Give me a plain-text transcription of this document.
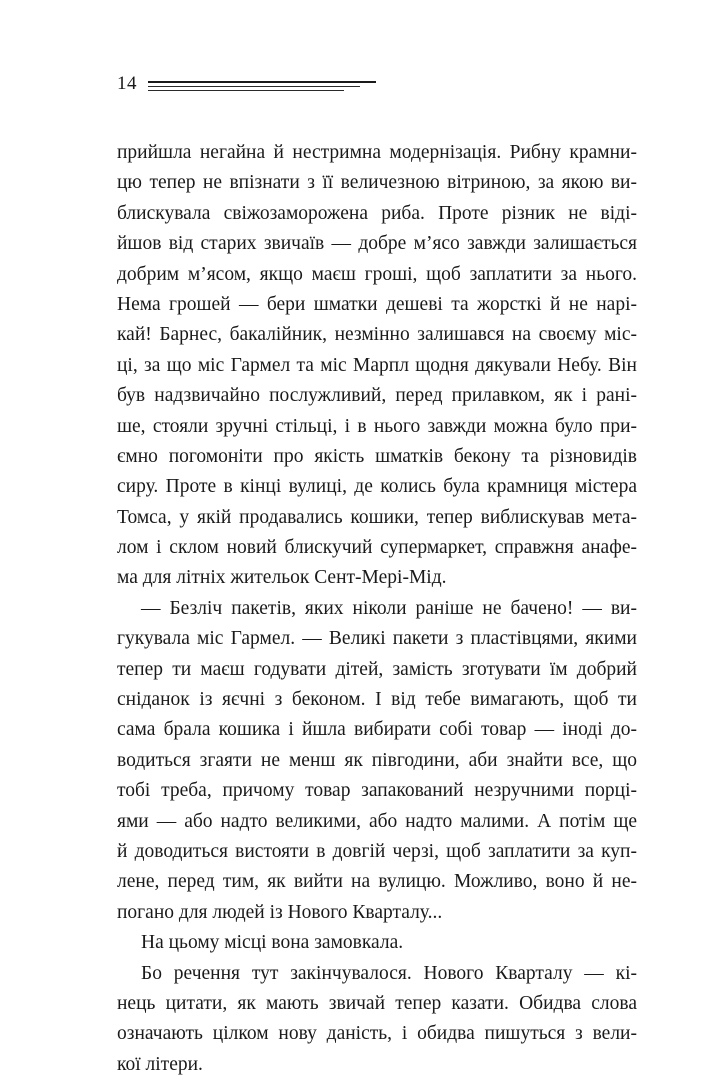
14
прийшла негайна й нестримна модернізація. Рибну крамни-
цю тепер не впізнати з її величезною вітриною, за якою ви-
блискувала свіжозаморожена риба. Проте різник не віді-
йшов від старих звичаїв — добре м’ясо завжди залишається
добрим м’ясом, якщо маєш гроші, щоб заплатити за нього.
Нема грошей — бери шматки дешеві та жорсткі й не нарі-
кай! Барнес, бакалійник, незмінно залишався на своєму міс-
ці, за що міс Гармел та міс Марпл щодня дякували Небу. Він
був надзвичайно послужливий, перед прилавком, як і рані-
ше, стояли зручні стільці, і в нього завжди можна було при-
ємно погомоніти про якість шматків бекону та різновидів
сиру. Проте в кінці вулиці, де колись була крамниця містера
Томса, у якій продавались кошики, тепер виблискував мета-
лом і склом новий блискучий супермаркет, справжня анафе-
ма для літніх жительок Сент-Мері-Мід.
— Безліч пакетів, яких ніколи раніше не бачено! — ви-
гукувала міс Гармел. — Великі пакети з пластівцями, якими
тепер ти маєш годувати дітей, замість зготувати їм добрий
сніданок із яєчні з беконом. І від тебе вимагають, щоб ти
сама брала кошика і йшла вибирати собі товар — іноді до-
водиться згаяти не менш як півгодини, аби знайти все, що
тобі треба, причому товар запакований незручними порці-
ями — або надто великими, або надто малими. А потім ще
й доводиться вистояти в довгій черзі, щоб заплатити за куп-
лене, перед тим, як вийти на вулицю. Можливо, воно й не-
погано для людей із Нового Кварталу...
На цьому місці вона замовкала.
Бо речення тут закінчувалося. Нового Кварталу — кі-
нець цитати, як мають звичай тепер казати. Обидва слова
означають цілком нову даність, і обидва пишуться з вели-
кої літери.
